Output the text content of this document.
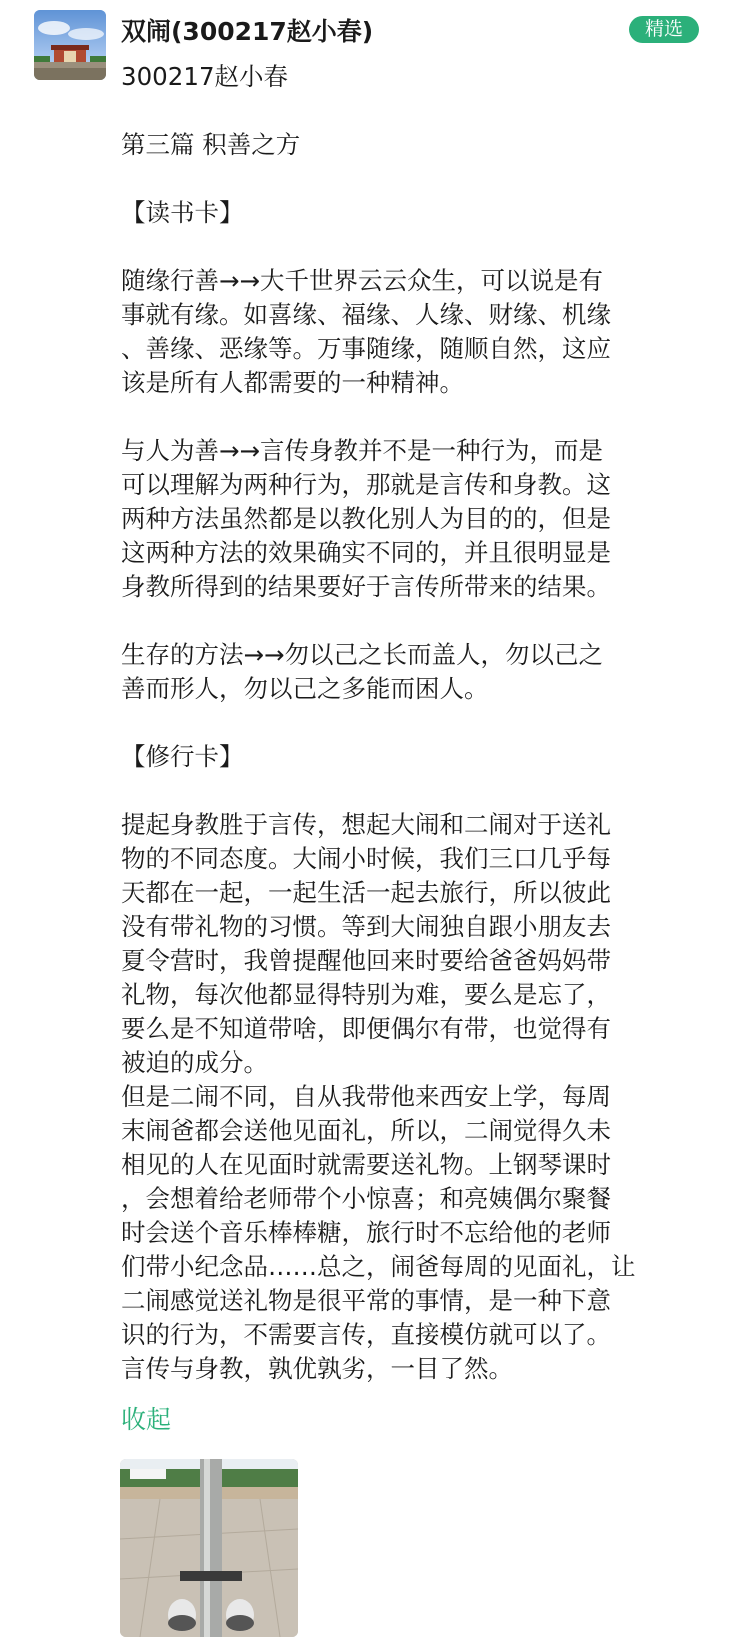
双闹(300217赵小春)	精选
300217赵小春
第三篇 积善之方
【读书卡】
随缘行善→→大千世界云云众生，可以说是有
事就有缘。如喜缘、福缘、人缘、财缘、机缘
、善缘、恶缘等。万事随缘，随顺自然，这应
该是所有人都需要的一种精神。
与人为善→→言传身教并不是一种行为，而是
可以理解为两种行为，那就是言传和身教。这
两种方法虽然都是以教化别人为目的的，但是
这两种方法的效果确实不同的，并且很明显是
身教所得到的结果要好于言传所带来的结果。
生存的方法→→勿以己之长而盖人，勿以己之
善而形人，勿以己之多能而困人。
【修行卡】
提起身教胜于言传，想起大闹和二闹对于送礼
物的不同态度。大闹小时候，我们三口几乎每
天都在一起，一起生活一起去旅行，所以彼此
没有带礼物的习惯。等到大闹独自跟小朋友去
夏令营时，我曾提醒他回来时要给爸爸妈妈带
礼物，每次他都显得特别为难，要么是忘了，
要么是不知道带啥，即便偶尔有带，也觉得有
被迫的成分。
但是二闹不同，自从我带他来西安上学，每周
末闹爸都会送他见面礼，所以，二闹觉得久未
相见的人在见面时就需要送礼物。上钢琴课时
，会想着给老师带个小惊喜；和亮姨偶尔聚餐
时会送个音乐棒棒糖，旅行时不忘给他的老师
们带小纪念品……总之，闹爸每周的见面礼，让
二闹感觉送礼物是很平常的事情，是一种下意
识的行为，不需要言传，直接模仿就可以了。
言传与身教，孰优孰劣，一目了然。
收起
